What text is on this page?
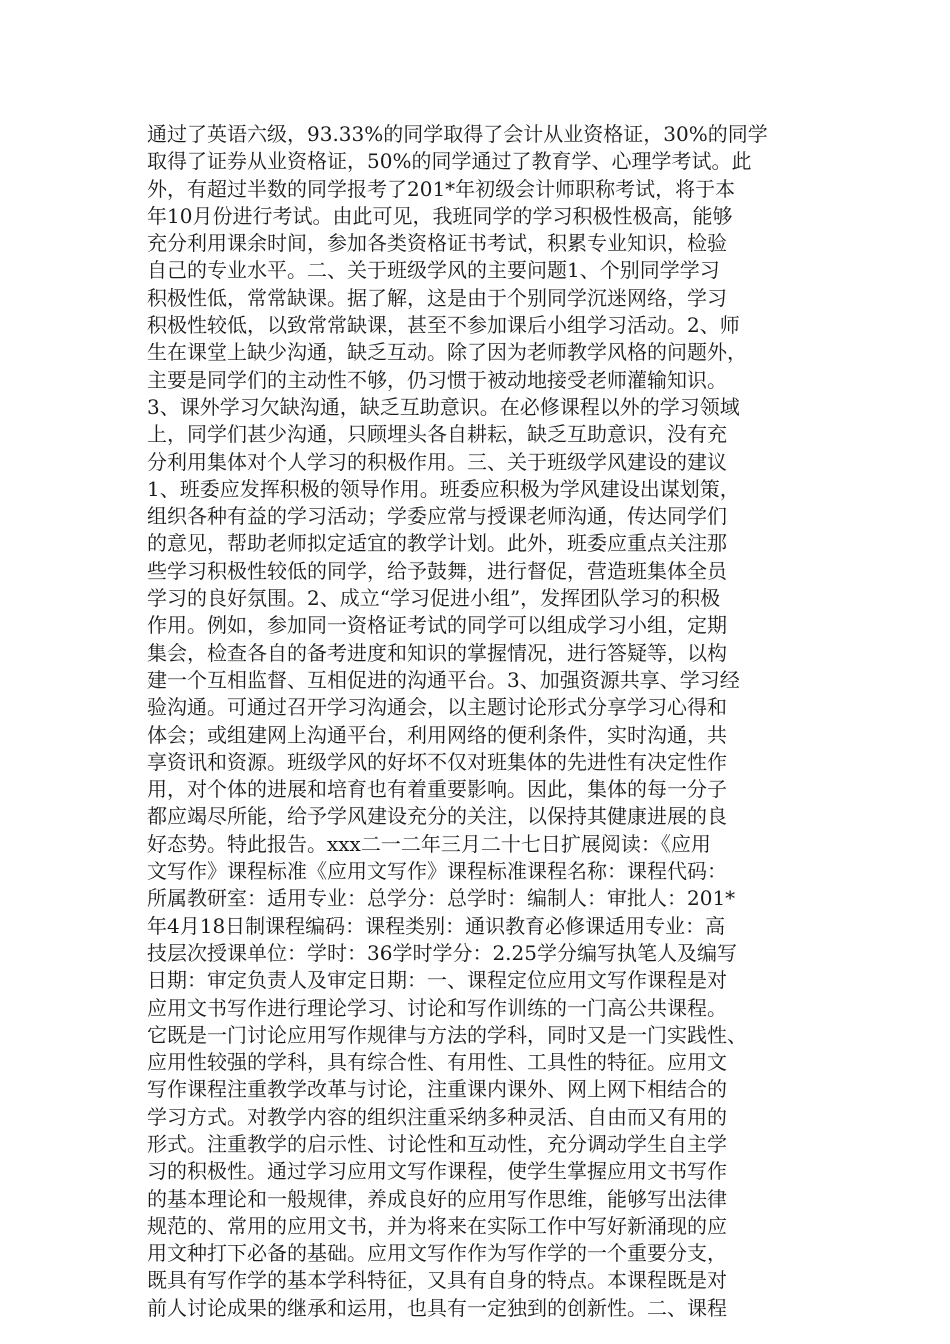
通过了英语六级，93.33%的同学取得了会计从业资格证，30%的同学
取得了证券从业资格证，50%的同学通过了教育学、心理学考试。此
外，有超过半数的同学报考了201*年初级会计师职称考试，将于本
年10月份进行考试。由此可见，我班同学的学习积极性极高，能够
充分利用课余时间，参加各类资格证书考试，积累专业知识，检验
自己的专业水平。二、关于班级学风的主要问题1、个别同学学习
积极性低，常常缺课。据了解，这是由于个别同学沉迷网络，学习
积极性较低，以致常常缺课，甚至不参加课后小组学习活动。2、师
生在课堂上缺少沟通，缺乏互动。除了因为老师教学风格的问题外，
主要是同学们的主动性不够，仍习惯于被动地接受老师灌输知识。
3、课外学习欠缺沟通，缺乏互助意识。在必修课程以外的学习领域
上，同学们甚少沟通，只顾埋头各自耕耘，缺乏互助意识，没有充
分利用集体对个人学习的积极作用。三、关于班级学风建设的建议
1、班委应发挥积极的领导作用。班委应积极为学风建设出谋划策，
组织各种有益的学习活动；学委应常与授课老师沟通，传达同学们
的意见，帮助老师拟定适宜的教学计划。此外，班委应重点关注那
些学习积极性较低的同学，给予鼓舞，进行督促，营造班集体全员
学习的良好氛围。2、成立“学习促进小组”，发挥团队学习的积极
作用。例如，参加同一资格证考试的同学可以组成学习小组，定期
集会，检查各自的备考进度和知识的掌握情况，进行答疑等，以构
建一个互相监督、互相促进的沟通平台。3、加强资源共享、学习经
验沟通。可通过召开学习沟通会，以主题讨论形式分享学习心得和
体会；或组建网上沟通平台，利用网络的便利条件，实时沟通，共
享资讯和资源。班级学风的好坏不仅对班集体的先进性有决定性作
用，对个体的进展和培育也有着重要影响。因此，集体的每一分子
都应竭尽所能，给予学风建设充分的关注，以保持其健康进展的良
好态势。特此报告。xxx二一二年三月二十七日扩展阅读：《应用
文写作》课程标准《应用文写作》课程标准课程名称：课程代码：
所属教研室：适用专业：总学分：总学时：编制人：审批人：201*
年4月18日制课程编码：课程类别：通识教育必修课适用专业：高
技层次授课单位：学时：36学时学分：2.25学分编写执笔人及编写
日期：审定负责人及审定日期：一、课程定位应用文写作课程是对
应用文书写作进行理论学习、讨论和写作训练的一门高公共课程。
它既是一门讨论应用写作规律与方法的学科，同时又是一门实践性、
应用性较强的学科，具有综合性、有用性、工具性的特征。应用文
写作课程注重教学改革与讨论，注重课内课外、网上网下相结合的
学习方式。对教学内容的组织注重采纳多种灵活、自由而又有用的
形式。注重教学的启示性、讨论性和互动性，充分调动学生自主学
习的积极性。通过学习应用文写作课程，使学生掌握应用文书写作
的基本理论和一般规律，养成良好的应用写作思维，能够写出法律
规范的、常用的应用文书，并为将来在实际工作中写好新涌现的应
用文种打下必备的基础。应用文写作作为写作学的一个重要分支，
既具有写作学的基本学科特征，又具有自身的特点。本课程既是对
前人讨论成果的继承和运用，也具有一定独到的创新性。二、课程
